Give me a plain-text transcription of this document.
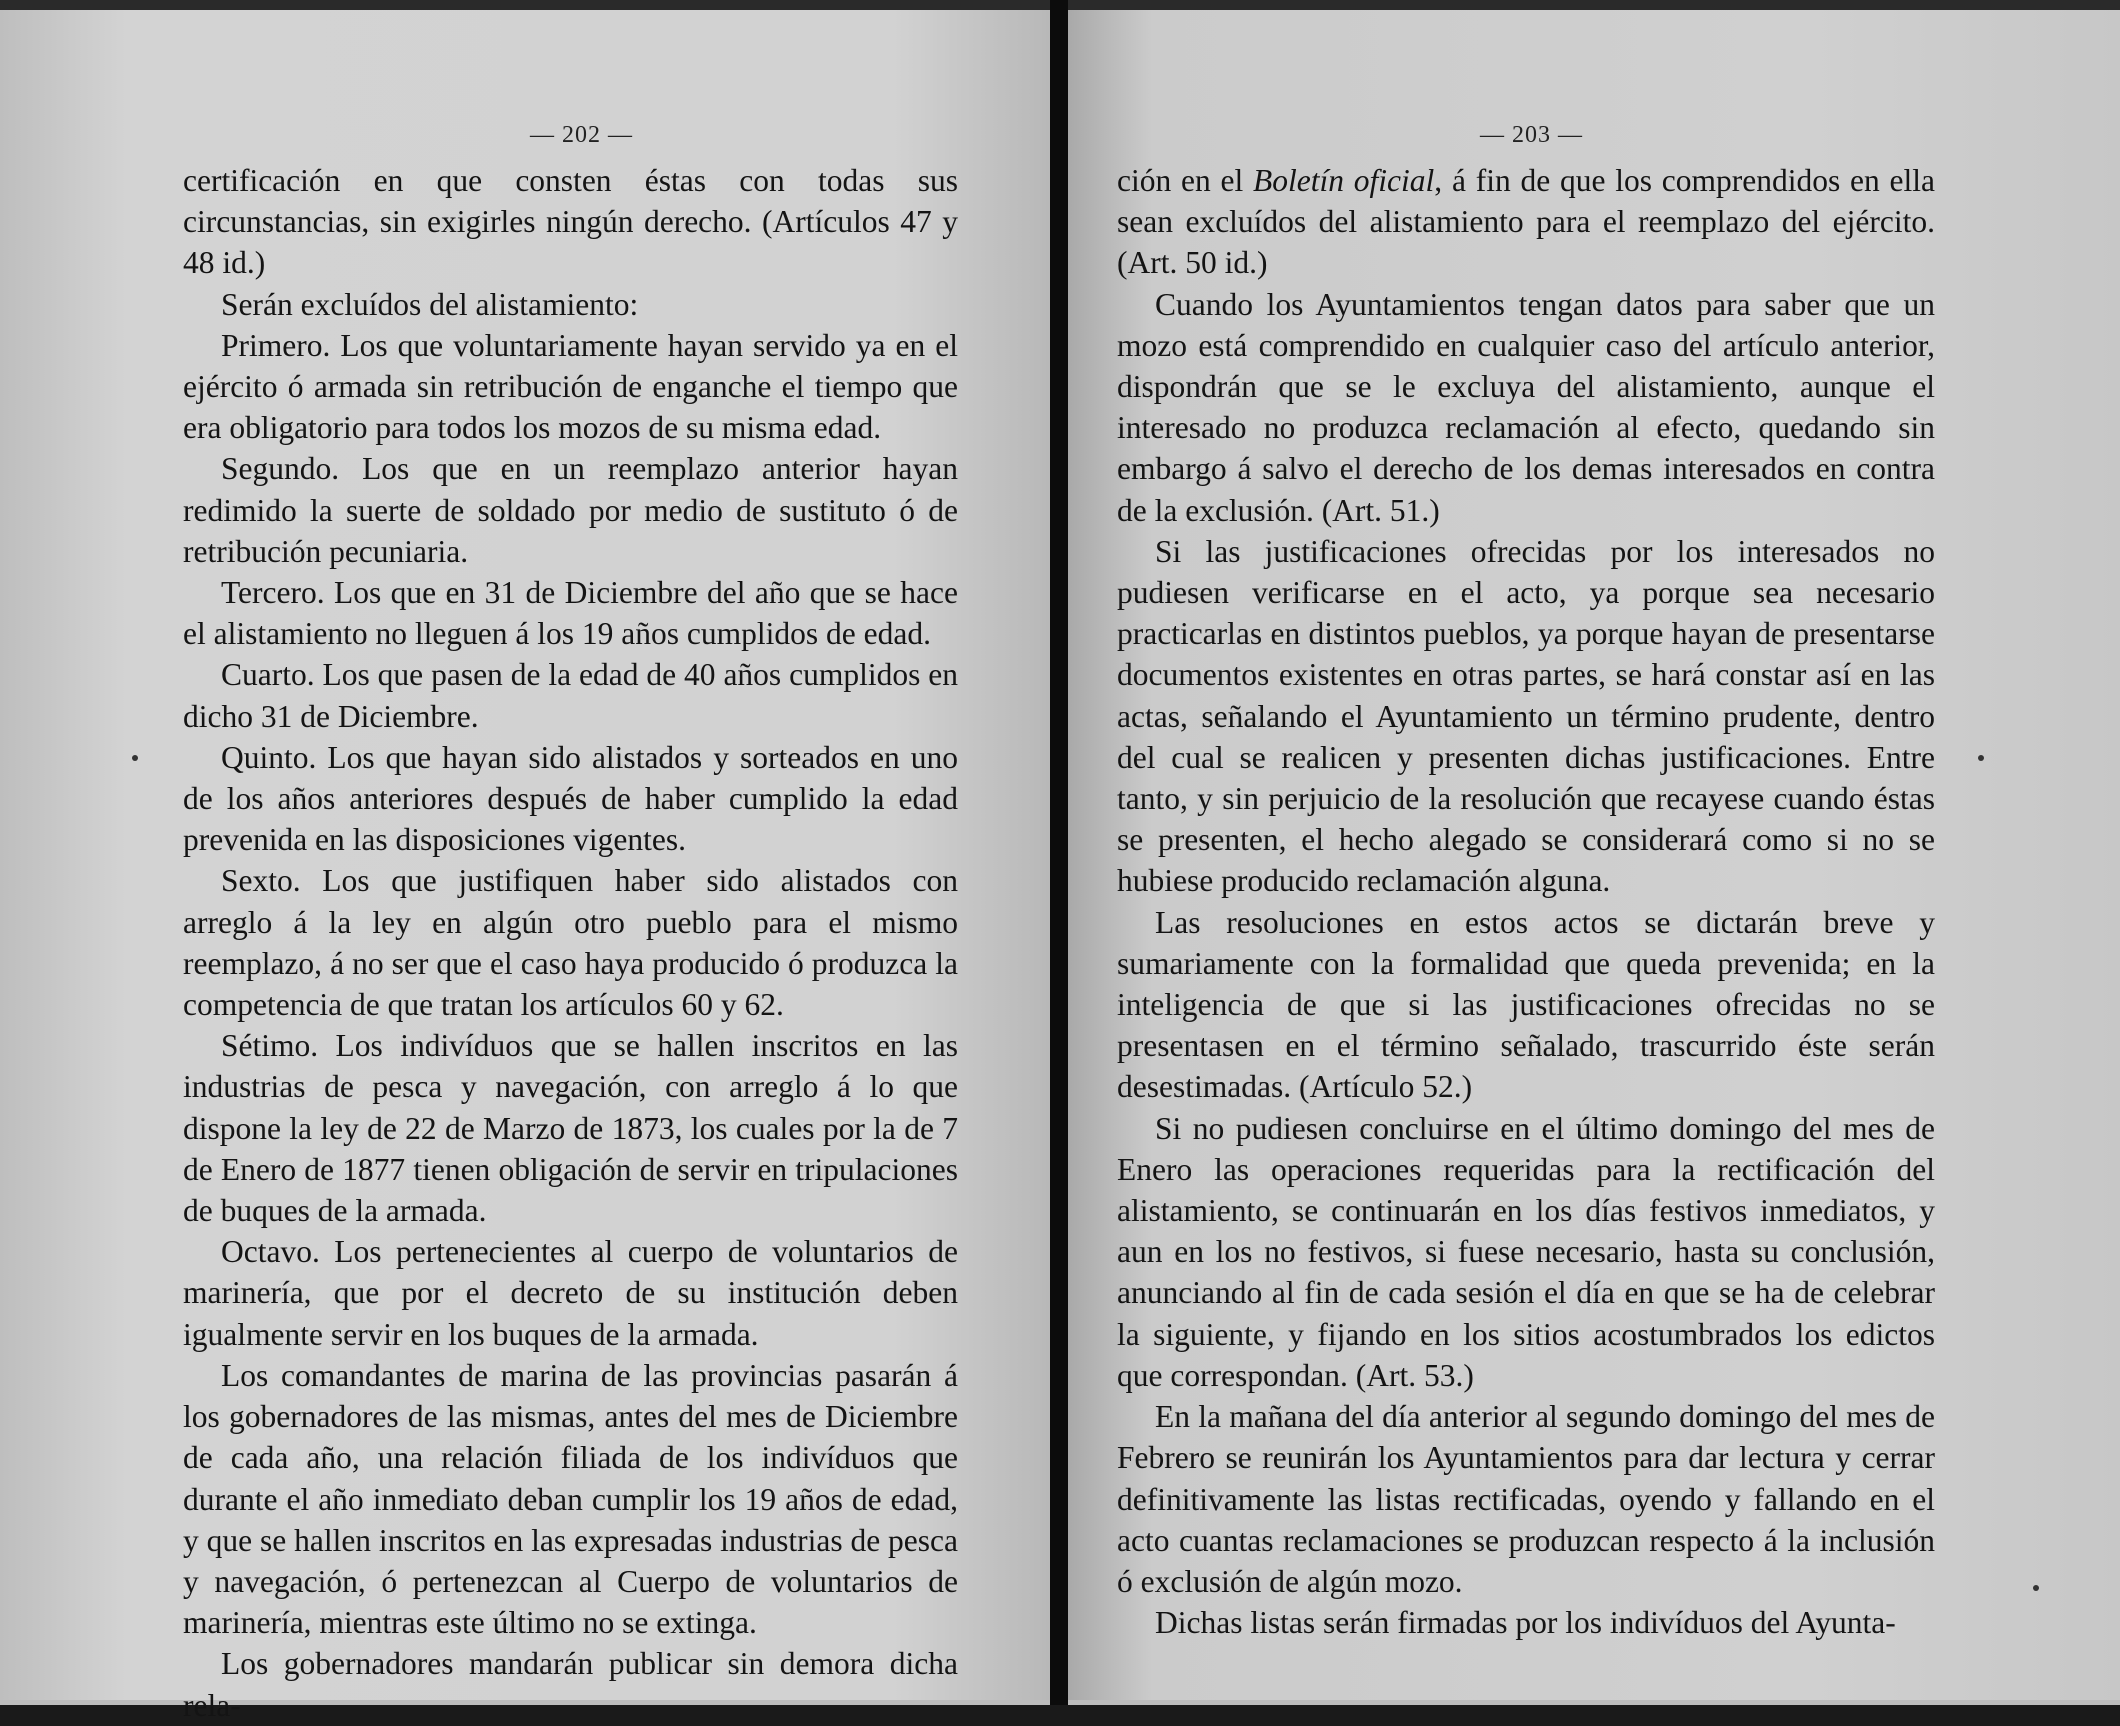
— 202 —

certificación en que consten éstas con todas sus circunstancias, sin exigirles ningún derecho. (Artículos 47 y 48 id.)

Serán excluídos del alistamiento:

Primero. Los que voluntariamente hayan servido ya en el ejército ó armada sin retribución de enganche el tiempo que era obligatorio para todos los mozos de su misma edad.

Segundo. Los que en un reemplazo anterior hayan redimido la suerte de soldado por medio de sustituto ó de retribución pecuniaria.

Tercero. Los que en 31 de Diciembre del año que se hace el alistamiento no lleguen á los 19 años cumplidos de edad.

Cuarto. Los que pasen de la edad de 40 años cumplidos en dicho 31 de Diciembre.

Quinto. Los que hayan sido alistados y sorteados en uno de los años anteriores después de haber cumplido la edad prevenida en las disposiciones vigentes.

Sexto. Los que justifiquen haber sido alistados con arreglo á la ley en algún otro pueblo para el mismo reemplazo, á no ser que el caso haya producido ó produzca la competencia de que tratan los artículos 60 y 62.

Sétimo. Los indivíduos que se hallen inscritos en las industrias de pesca y navegación, con arreglo á lo que dispone la ley de 22 de Marzo de 1873, los cuales por la de 7 de Enero de 1877 tienen obligación de servir en tripulaciones de buques de la armada.

Octavo. Los pertenecientes al cuerpo de voluntarios de marinería, que por el decreto de su institución deben igualmente servir en los buques de la armada.

Los comandantes de marina de las provincias pasarán á los gobernadores de las mismas, antes del mes de Diciembre de cada año, una relación filiada de los indivíduos que durante el año inmediato deban cumplir los 19 años de edad, y que se hallen inscritos en las expresadas industrias de pesca y navegación, ó pertenezcan al Cuerpo de voluntarios de marinería, mientras este último no se extinga.

Los gobernadores mandarán publicar sin demora dicha rela-

— 203 —

ción en el Boletín oficial, á fin de que los comprendidos en ella sean excluídos del alistamiento para el reemplazo del ejército. (Art. 50 id.)

Cuando los Ayuntamientos tengan datos para saber que un mozo está comprendido en cualquier caso del artículo anterior, dispondrán que se le excluya del alistamiento, aunque el interesado no produzca reclamación al efecto, quedando sin embargo á salvo el derecho de los demas interesados en contra de la exclusión. (Art. 51.)

Si las justificaciones ofrecidas por los interesados no pudiesen verificarse en el acto, ya porque sea necesario practicarlas en distintos pueblos, ya porque hayan de presentarse documentos existentes en otras partes, se hará constar así en las actas, señalando el Ayuntamiento un término prudente, dentro del cual se realicen y presenten dichas justificaciones. Entre tanto, y sin perjuicio de la resolución que recayese cuando éstas se presenten, el hecho alegado se considerará como si no se hubiese producido reclamación alguna.

Las resoluciones en estos actos se dictarán breve y sumariamente con la formalidad que queda prevenida; en la inteligencia de que si las justificaciones ofrecidas no se presentasen en el término señalado, trascurrido éste serán desestimadas. (Artículo 52.)

Si no pudiesen concluirse en el último domingo del mes de Enero las operaciones requeridas para la rectificación del alistamiento, se continuarán en los días festivos inmediatos, y aun en los no festivos, si fuese necesario, hasta su conclusión, anunciando al fin de cada sesión el día en que se ha de celebrar la siguiente, y fijando en los sitios acostumbrados los edictos que correspondan. (Art. 53.)

En la mañana del día anterior al segundo domingo del mes de Febrero se reunirán los Ayuntamientos para dar lectura y cerrar definitivamente las listas rectificadas, oyendo y fallando en el acto cuantas reclamaciones se produzcan respecto á la inclusión ó exclusión de algún mozo.

Dichas listas serán firmadas por los indivíduos del Ayunta-
